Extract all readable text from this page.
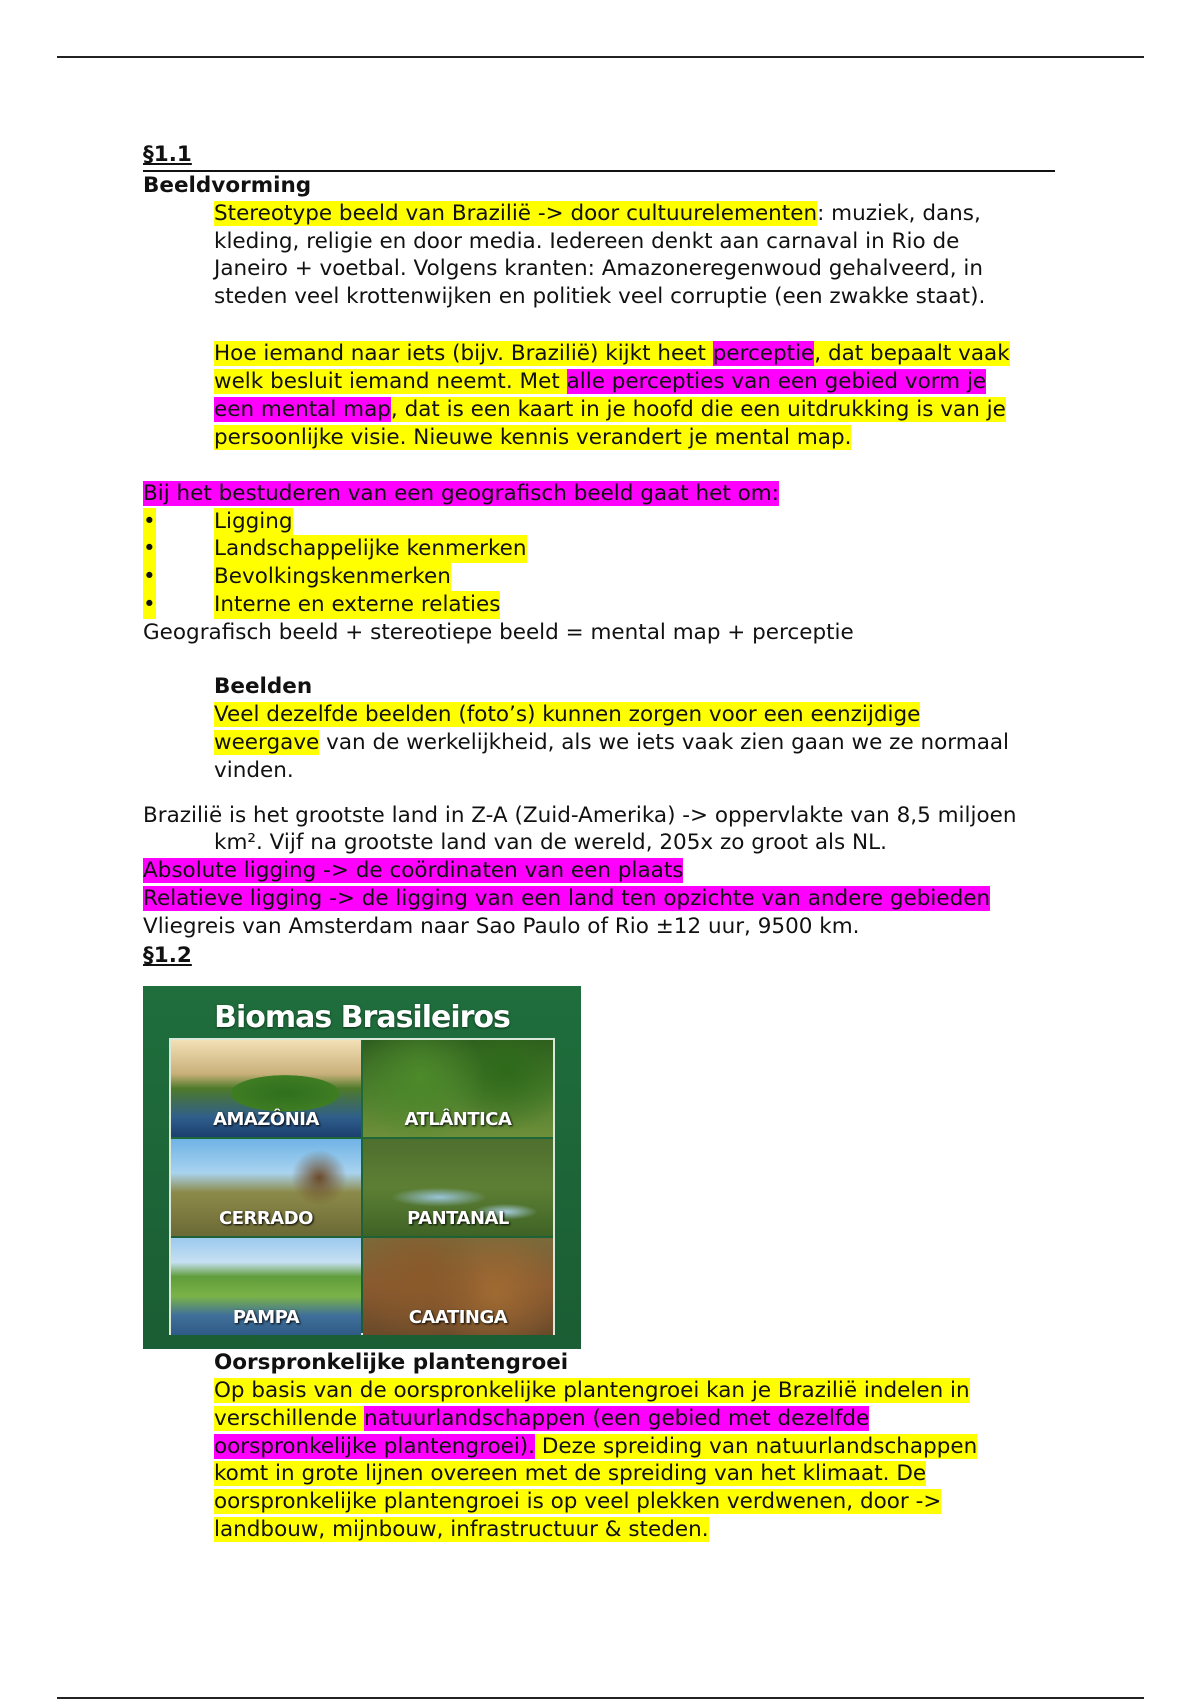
§1.1
Beeldvorming
Stereotype beeld van Brazilië -> door cultuurelementen: muziek, dans,
kleding, religie en door media. Iedereen denkt aan carnaval in Rio de
Janeiro + voetbal. Volgens kranten: Amazoneregenwoud gehalveerd, in
steden veel krottenwijken en politiek veel corruptie (een zwakke staat).
Hoe iemand naar iets (bijv. Brazilië) kijkt heet perceptie, dat bepaalt vaak
welk besluit iemand neemt. Met alle percepties van een gebied vorm je
een mental map, dat is een kaart in je hoofd die een uitdrukking is van je
persoonlijke visie. Nieuwe kennis verandert je mental map.
Bij het bestuderen van een geografisch beeld gaat het om:
•	Ligging
•	Landschappelijke kenmerken
•	Bevolkingskenmerken
•	Interne en externe relaties
Geografisch beeld + stereotiepe beeld = mental map + perceptie
Beelden
Veel dezelfde beelden (foto’s) kunnen zorgen voor een eenzijdige
weergave van de werkelijkheid, als we iets vaak zien gaan we ze normaal
vinden.
Brazilië is het grootste land in Z-A (Zuid-Amerika) -> oppervlakte van 8,5 miljoen
km². Vijf na grootste land van de wereld, 205x zo groot als NL.
Absolute ligging -> de coördinaten van een plaats
Relatieve ligging -> de ligging van een land ten opzichte van andere gebieden
Vliegreis van Amsterdam naar Sao Paulo of Rio ±12 uur, 9500 km.
§1.2
Biomas Brasileiros
AMAZÔNIA	ATLÂNTICA
CERRADO	PANTANAL
PAMPA	CAATINGA
Oorspronkelijke plantengroei
Op basis van de oorspronkelijke plantengroei kan je Brazilië indelen in
verschillende natuurlandschappen (een gebied met dezelfde
oorspronkelijke plantengroei). Deze spreiding van natuurlandschappen
komt in grote lijnen overeen met de spreiding van het klimaat. De
oorspronkelijke plantengroei is op veel plekken verdwenen, door ->
landbouw, mijnbouw, infrastructuur & steden.
